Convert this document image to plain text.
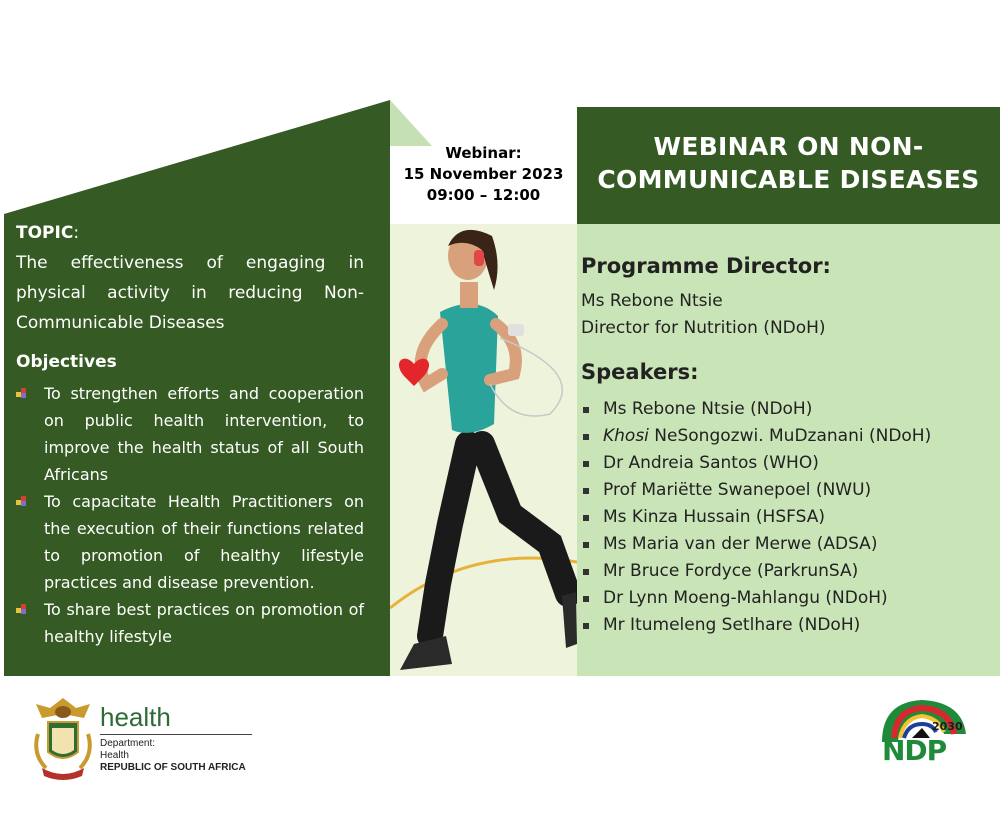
TOPIC:
The effectiveness of engaging in physical activity in reducing Non-Communicable Diseases
Objectives
To strengthen efforts and cooperation on public health intervention, to improve the health status of all South Africans
To capacitate Health Practitioners on the execution of their functions related to promotion of healthy lifestyle practices and disease prevention.
To share best practices on promotion of healthy lifestyle
Webinar:
15 November 2023
09:00 – 12:00
WEBINAR ON NON-
COMMUNICABLE DISEASES
Programme Director:
Ms Rebone Ntsie
Director for Nutrition (NDoH)
Speakers:
Ms Rebone Ntsie (NDoH)
Khosi NeSongozwi. MuDzanani (NDoH)
Dr Andreia Santos (WHO)
Prof Mariëtte Swanepoel (NWU)
Ms Kinza Hussain (HSFSA)
Ms Maria van der Merwe (ADSA)
Mr Bruce Fordyce (ParkrunSA)
Dr Lynn Moeng-Mahlangu (NDoH)
Mr Itumeleng Setlhare (NDoH)
health
Department:
Health
REPUBLIC OF SOUTH AFRICA
2030
NDP
